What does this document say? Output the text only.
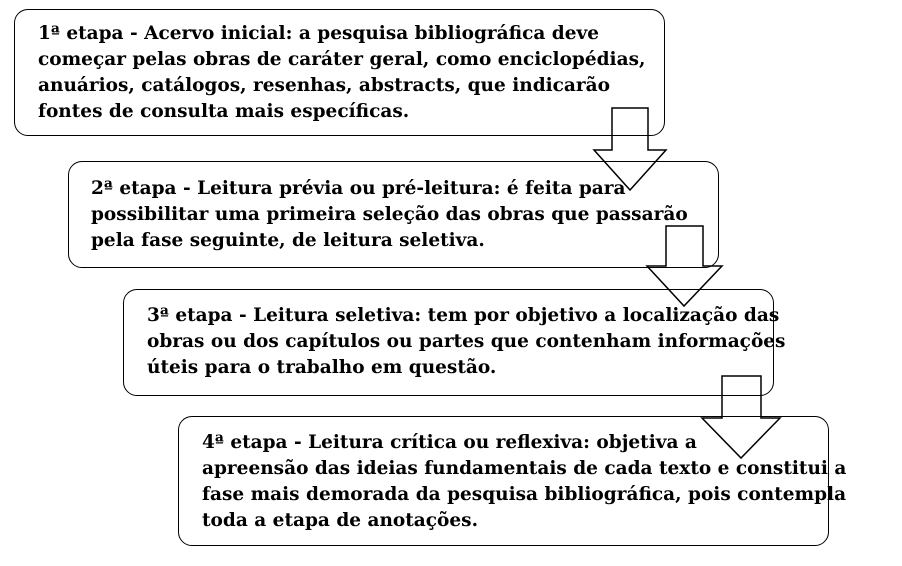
1ª etapa - Acervo inicial: a pesquisa bibliográfica deve
começar pelas obras de caráter geral, como enciclopédias,
anuários, catálogos, resenhas, abstracts, que indicarão
fontes de consulta mais específicas.

2ª etapa - Leitura prévia ou pré-leitura: é feita para
possibilitar uma primeira seleção das obras que passarão
pela fase seguinte, de leitura seletiva.

3ª etapa - Leitura seletiva: tem por objetivo a localização das
obras ou dos capítulos ou partes que contenham informações
úteis para o trabalho em questão.

4ª etapa - Leitura crítica ou reflexiva: objetiva a
apreensão das ideias fundamentais de cada texto e constitui a
fase mais demorada da pesquisa bibliográfica, pois contempla
toda a etapa de anotações.
